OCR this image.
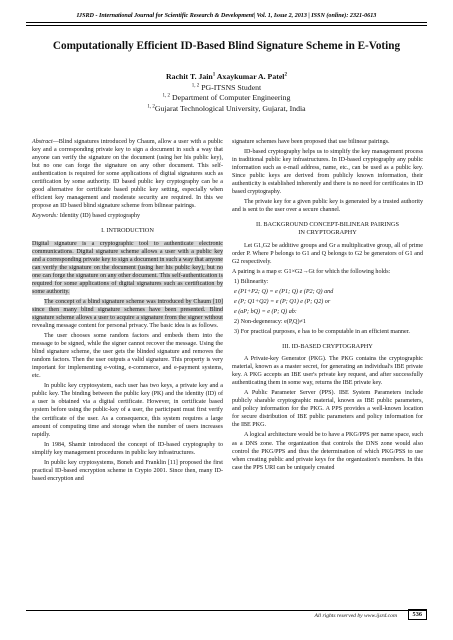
IJSRD - International Journal for Scientific Research & Development| Vol. 1, Issue 2, 2013 | ISSN (online): 2321-0613
Computationally Efficient ID-Based Blind Signature Scheme in E-Voting
Rachit T. Jain$^1$ Axaykumar A. Patel$^2$
$^{1, 2}$ PG-ITSNS Student
$^{1, 2}$ Department of Computer Engineering
$^{1, 2}$Gujarat Technological University, Gujarat, India

Abstract—Blind signatures introduced by Chaum, allow a user with a public key and a corresponding private key to sign a document in such a way that anyone can verify the signature on the document (using her his public key), but no one can forge the signature on any other document. This self-authentication is required for some applications of digital signatures such as certification by some authority. ID based public key cryptography can be a good alternative for certificate based public key setting, especially when efficient key management and moderate security are required. In this we propose an ID based blind signature scheme from bilinear pairings.

Keywords: Identity (ID) based cryptography

I. INTRODUCTION

Digital signature is a cryptographic tool to authenticate electronic communications. Digital signature scheme allows a user with a public key and a corresponding private key to sign a document in such a way that anyone can verify the signature on the document (using her his public key), but no one can forge the signature on any other document. This self-authentication is required for some applications of digital signatures such as certification by some authority.

The concept of a blind signature scheme was introduced by Chaum [10] since then many blind signature schemes have been presented. Blind signature scheme allows a user to acquire a signature from the signer without revealing message content for personal privacy. The basic idea is as follows.

The user chooses some random factors and embeds them into the message to be signed, while the signer cannot recover the message. Using the blind signature scheme, the user gets the blinded signature and removes the random factors. Then the user outputs a valid signature. This property is very important for implementing e-voting, e-commerce, and e-payment systems, etc.

In public key cryptosystem, each user has two keys, a private key and a public key. The binding between the public key (PK) and the identity (ID) of a user is obtained via a digital certificate. However, in certificate based system before using the public-key of a user, the participant must first verify the certificate of the user. As a consequence, this system requires a large amount of computing time and storage when the number of users increases rapidly.

In 1984, Shamir introduced the concept of ID-based cryptography to simplify key management procedures in public key infrastructures.

In public key cryptosystems, Boneh and Franklin [11] proposed the first practical ID-based encryption scheme in Crypto 2001. Since then, many ID-based encryption and

signature schemes have been proposed that use bilinear pairings.

ID-based cryptography helps us to simplify the key management process in traditional public key infrastructures. In ID-based cryptography any public information such as e-mail address, name, etc., can be used as a public key. Since public keys are derived from publicly known information, their authenticity is established inherently and there is no need for certificates in ID based cryptography.

The private key for a given public key is generated by a trusted authority and is sent to the user over a secure channel.

II. BACKGROUND CONCEPT-BILINEAR PAIRINGS

IN CRYPTOGRAPHY

Let G1,G2 be additive groups and Gr a multiplicative group, all of prime order P. Where P belongs to G1 and Q belongs to G2 be generators of G1 and G2 respectively.

A pairing is a map e: G1×G2→Gt for which the following holds:

1) Bilinearity:

e (P1+P2; Q) = e (P1; Q) e (P2; Q) and

e (P; Q1+Q2) = e (P; Q1) e (P; Q2) or

e (aP; bQ) = e (P; Q) ab:

2) Non-degeneracy: e(P,Q)≠1

3) For practical purposes, e has to be computable in an efficient manner.

III. ID-BASED CRYPTOGRAPHY

A Private-key Generator (PKG). The PKG contains the cryptographic material, known as a master secret, for generating an individual's IBE private key. A PKG accepts an IBE user's private key request, and after successfully authenticating them in some way, returns the IBE private key.

A Public Parameter Server (PPS). IBE System Parameters include publicly sharable cryptographic material, known as IBE public parameters, and policy information for the PKG. A PPS provides a well-known location for secure distribution of IBE public parameters and policy information for the IBE PKG.

A logical architecture would be to have a PKG/PPS per name space, such as a DNS zone. The organization that controls the DNS zone would also control the PKG/PPS and thus the determination of which PKG/PSS to use when creating public and private keys for the organization's members. In this case the PPS URI can be uniquely created

All rights reserved by www.ijsrd.com	536
